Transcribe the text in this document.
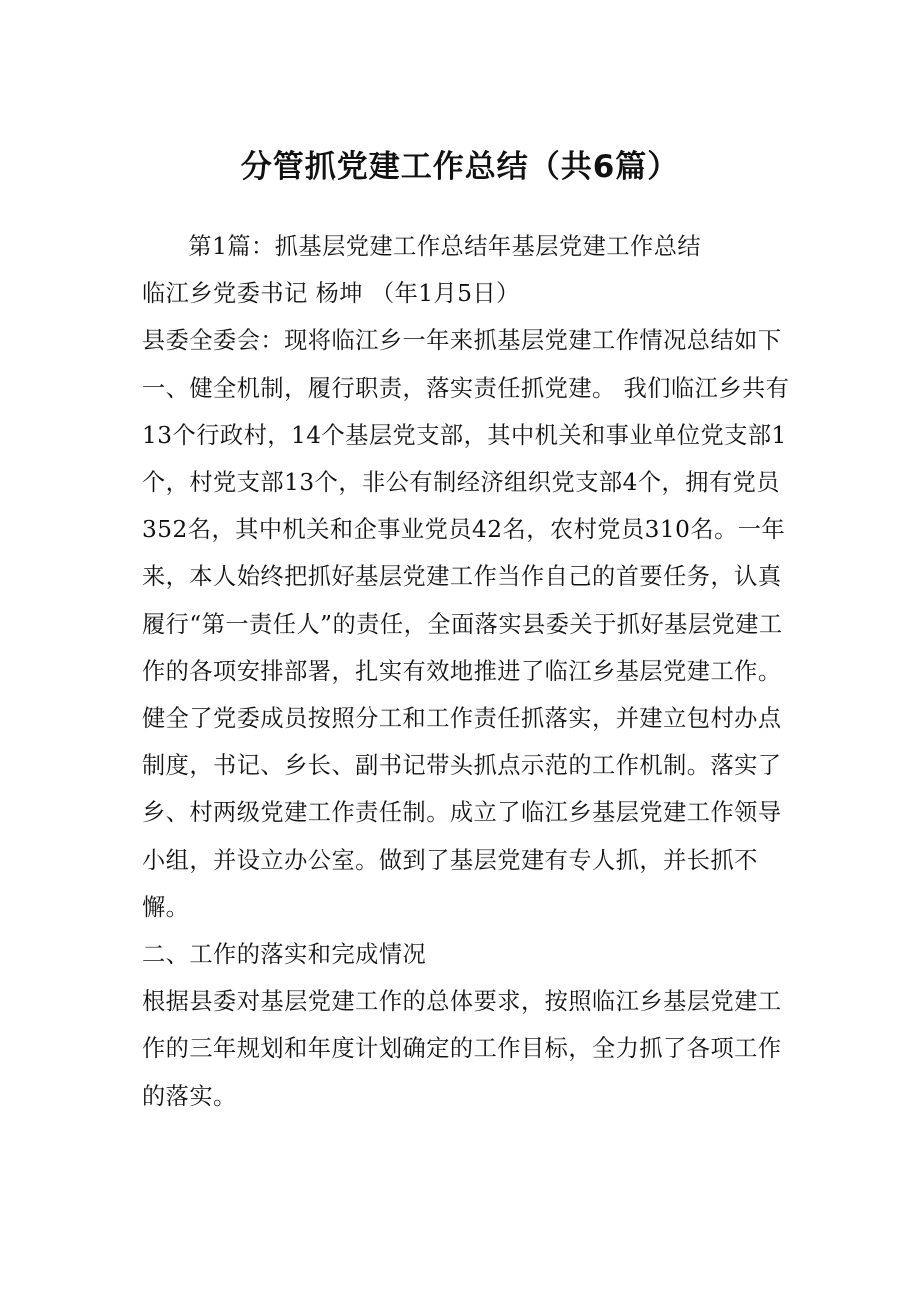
分管抓党建工作总结（共6篇）

第1篇：抓基层党建工作总结年基层党建工作总结

临江乡党委书记 杨坤 （年1月5日）

县委全委会：现将临江乡一年来抓基层党建工作情况总结如下

一、健全机制，履行职责，落实责任抓党建。 我们临江乡共有13个行政村，14个基层党支部，其中机关和事业单位党支部1个，村党支部13个，非公有制经济组织党支部4个，拥有党员352名，其中机关和企事业党员42名，农村党员310名。一年来，本人始终把抓好基层党建工作当作自己的首要任务，认真履行“第一责任人”的责任，全面落实县委关于抓好基层党建工作的各项安排部署，扎实有效地推进了临江乡基层党建工作。健全了党委成员按照分工和工作责任抓落实，并建立包村办点制度，书记、乡长、副书记带头抓点示范的工作机制。落实了乡、村两级党建工作责任制。成立了临江乡基层党建工作领导小组，并设立办公室。做到了基层党建有专人抓，并长抓不懈。

二、工作的落实和完成情况

根据县委对基层党建工作的总体要求，按照临江乡基层党建工作的三年规划和年度计划确定的工作目标，全力抓了各项工作的落实。
